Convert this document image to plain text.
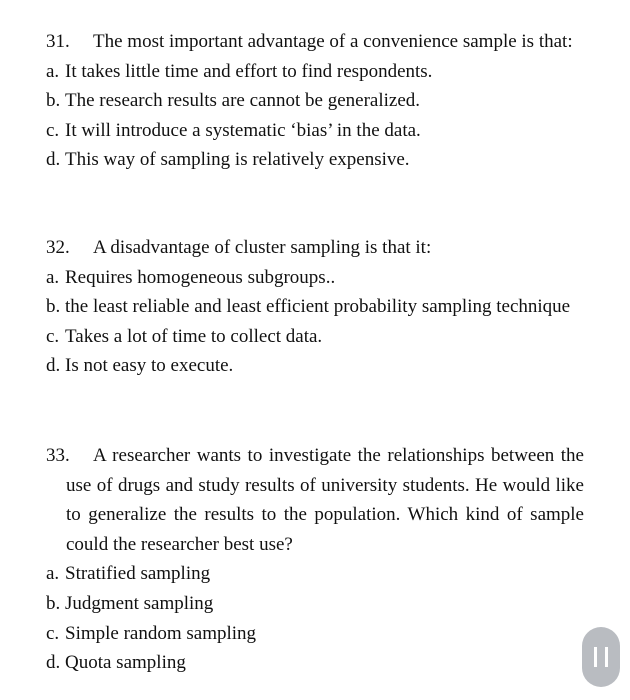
31.	The most important advantage of a convenience sample is that:
a. It takes little time and effort to find respondents.
b. The research results are cannot be generalized.
c. It will introduce a systematic ‘bias’ in the data.
d. This way of sampling is relatively expensive.
32.	A disadvantage of cluster sampling is that it:
a. Requires homogeneous subgroups..
b. the least reliable and least efficient probability sampling technique
c. Takes a lot of time to collect data.
d. Is not easy to execute.
33.	A researcher wants to investigate the relationships between the use of drugs and study results of university students. He would like to generalize the results to the population. Which kind of sample could the researcher best use?
a. Stratified sampling
b. Judgment sampling
c. Simple random sampling
d. Quota sampling
